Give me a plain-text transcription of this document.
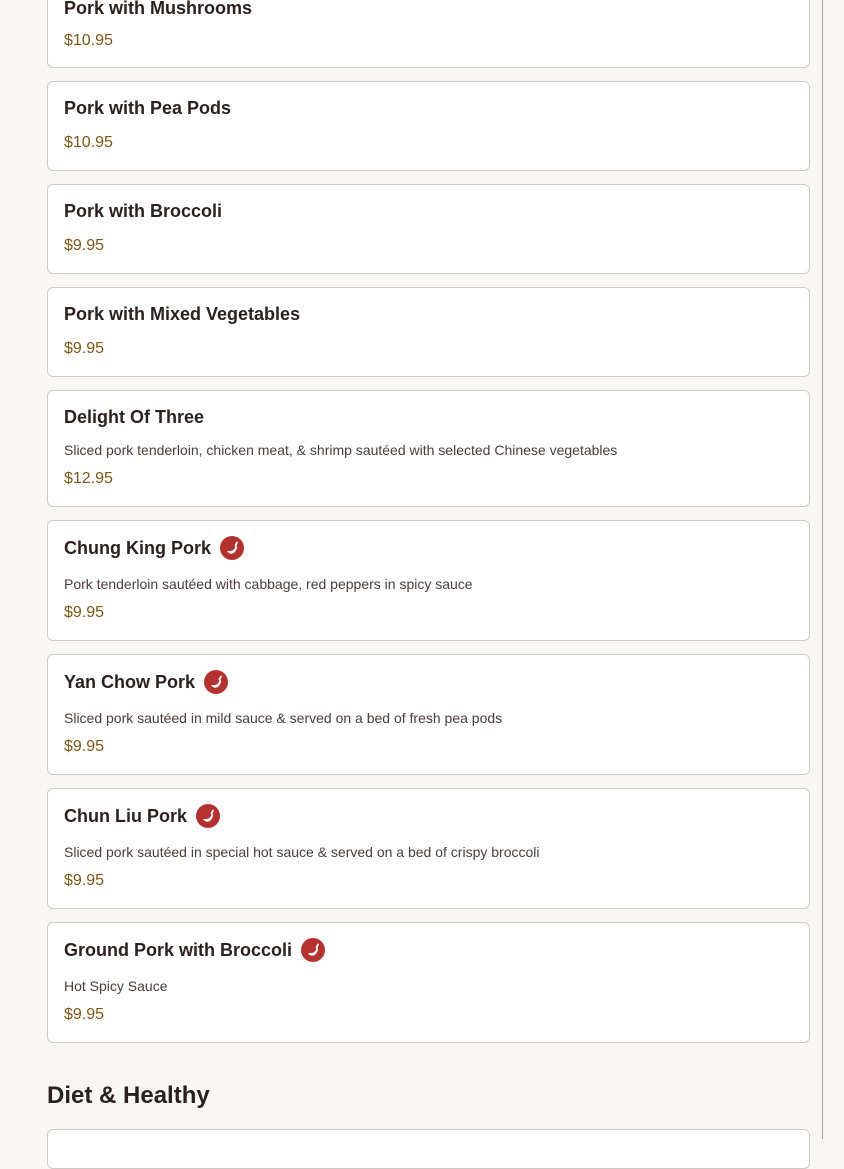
Pork with Mushrooms
$10.95
Pork with Pea Pods
$10.95
Pork with Broccoli
$9.95
Pork with Mixed Vegetables
$9.95
Delight Of Three
Sliced pork tenderloin, chicken meat, & shrimp sautéed with selected Chinese vegetables
$12.95
Chung King Pork
Pork tenderloin sautéed with cabbage, red peppers in spicy sauce
$9.95
Yan Chow Pork
Sliced pork sautéed in mild sauce & served on a bed of fresh pea pods
$9.95
Chun Liu Pork
Sliced pork sautéed in special hot sauce & served on a bed of crispy broccoli
$9.95
Ground Pork with Broccoli
Hot Spicy Sauce
$9.95
Diet & Healthy
